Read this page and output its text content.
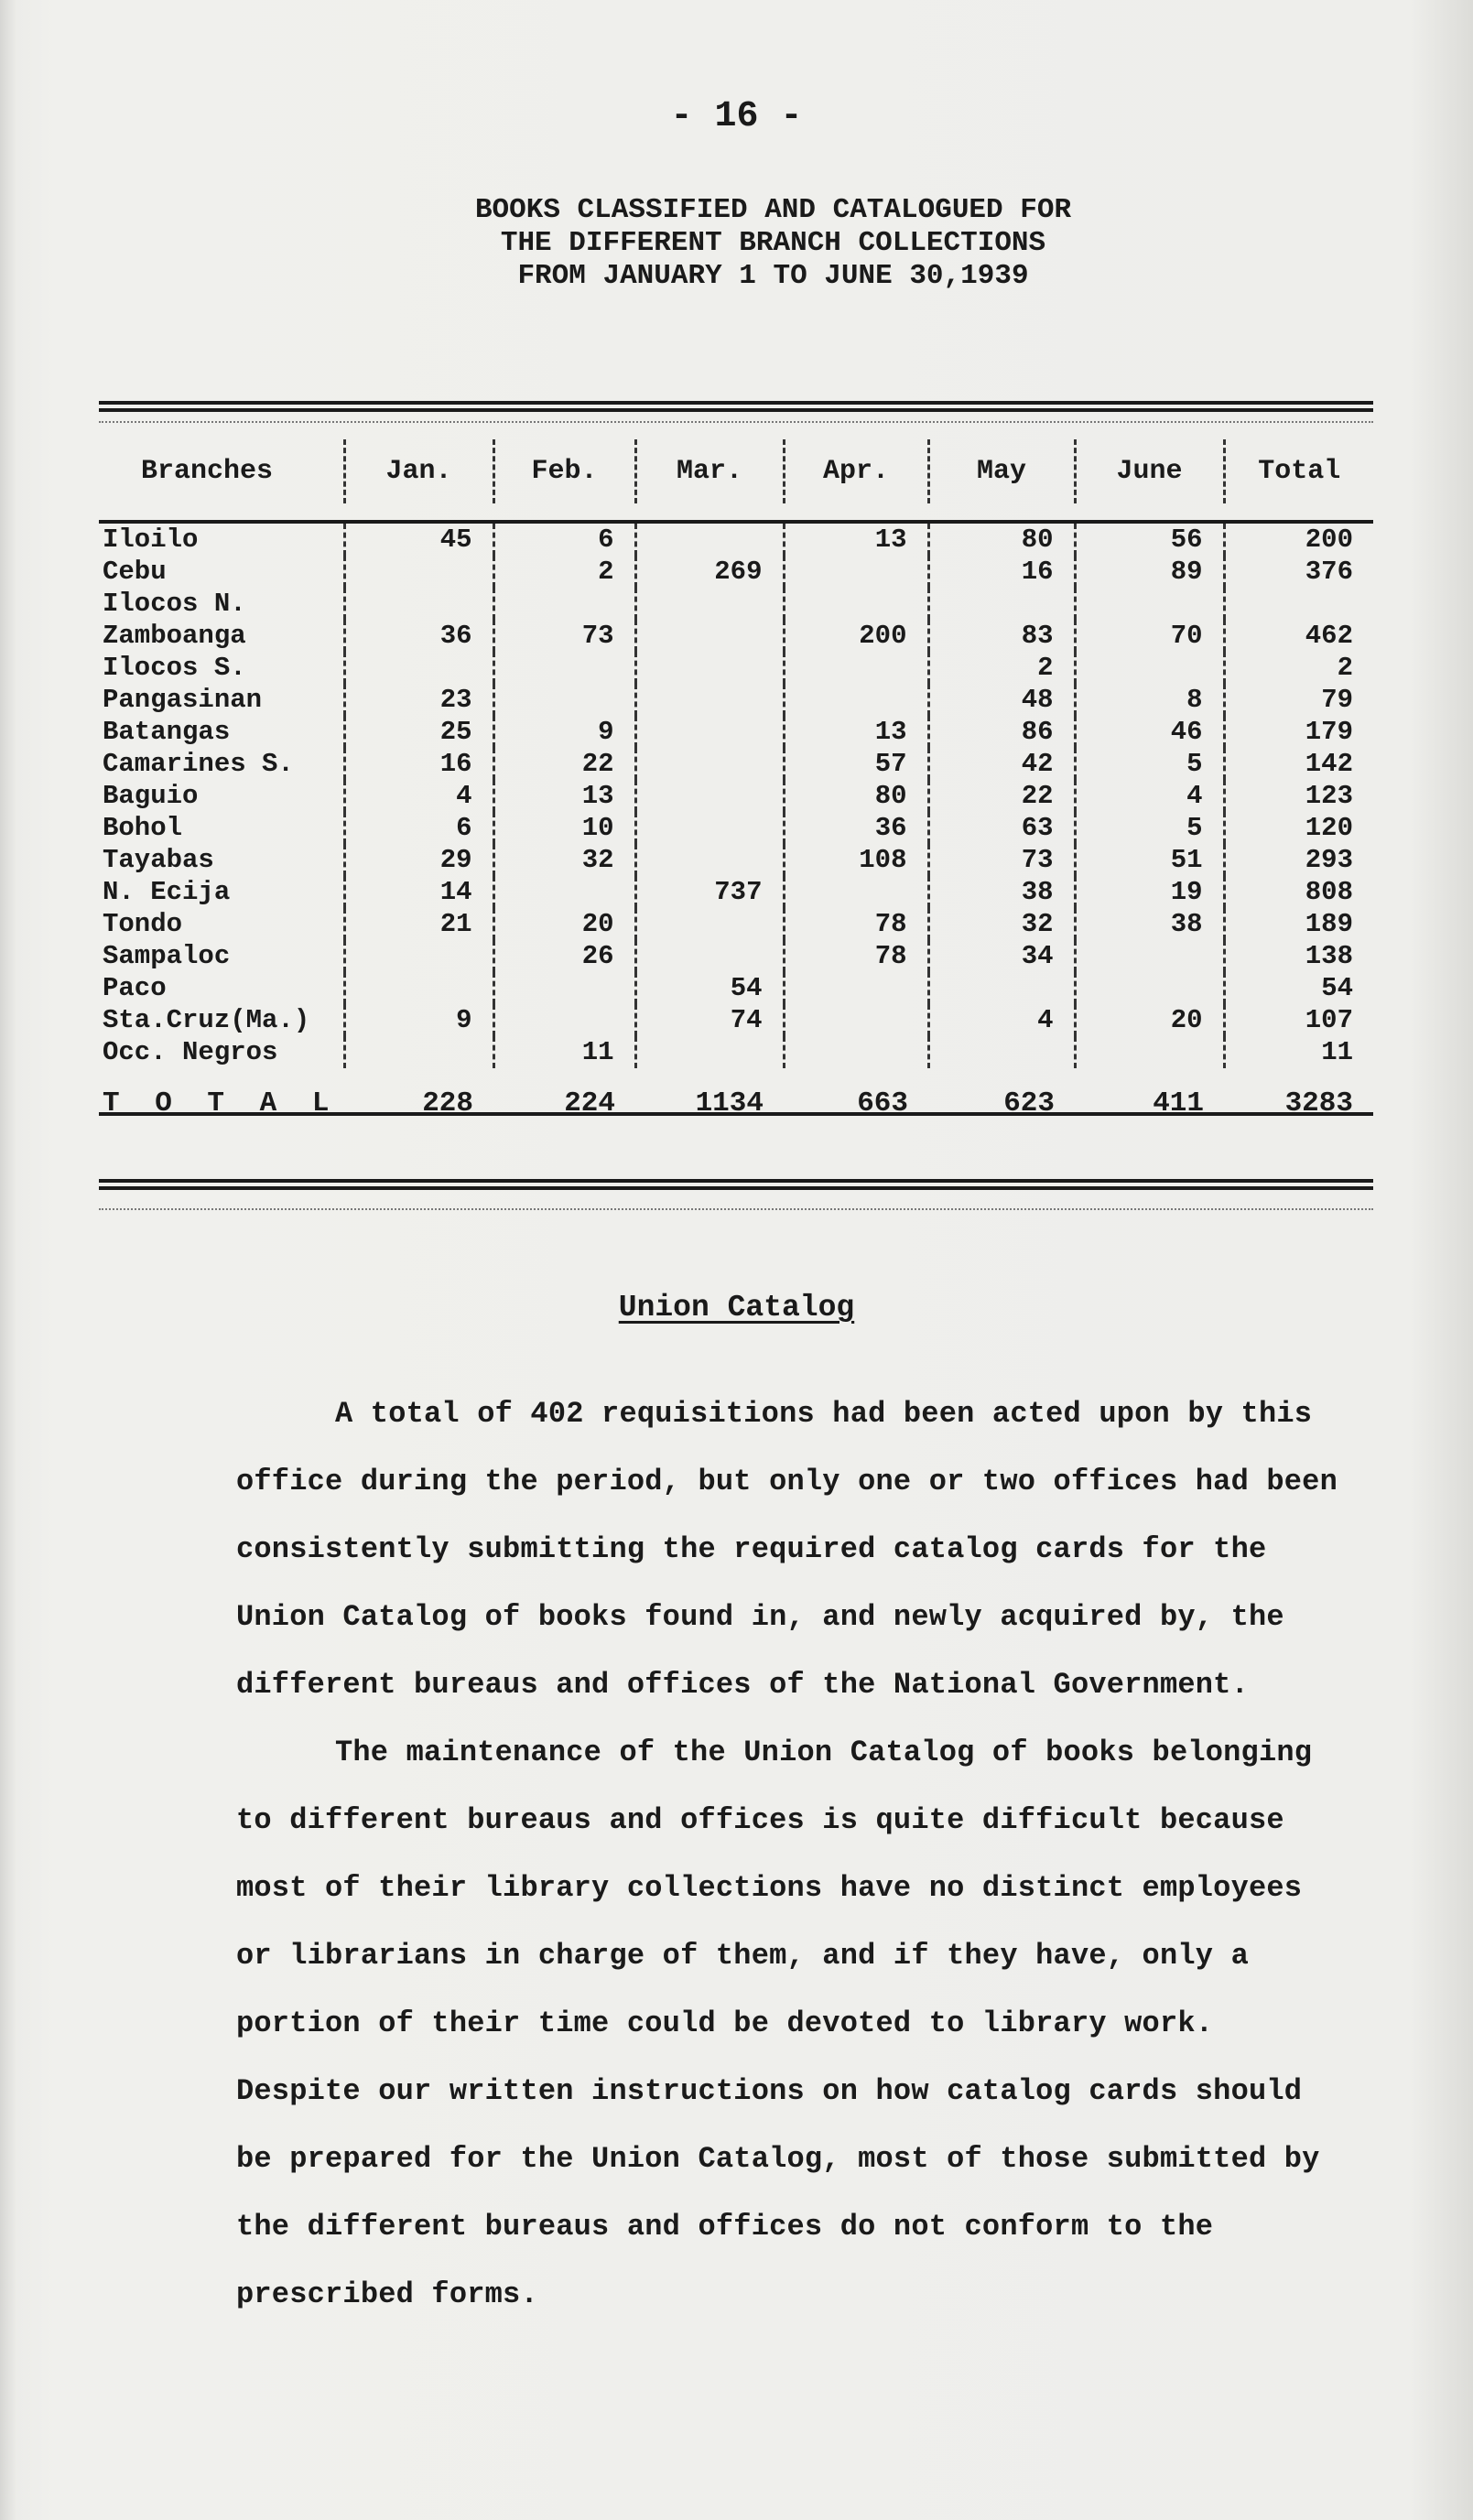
- 16 -
BOOKS CLASSIFIED AND CATALOGUED FOR
THE DIFFERENT BRANCH COLLECTIONS
FROM JANUARY 1 TO JUNE 30,1939
Branches	Jan.	Feb.	Mar.	Apr.	May	June	Total

Iloilo	45	6		13	80	56	200
Cebu		2	269		16	89	376
Ilocos N.							
Zamboanga	36	73		200	83	70	462
Ilocos S.					2		2
Pangasinan	23				48	8	79
Batangas	25	9		13	86	46	179
Camarines S.	16	22		57	42	5	142
Baguio	4	13		80	22	4	123
Bohol	6	10		36	63	5	120
Tayabas	29	32		108	73	51	293
N. Ecija	14		737		38	19	808
Tondo	21	20		78	32	38	189
Sampaloc		26		78	34		138
Paco			54				54
Sta.Cruz(Ma.)	9		74		4	20	107
Occ. Negros		11					11

T O T A L	228	224	1134	663	623	411	3283
Union Catalog

A total of 402 requisitions had been acted upon by this office during the period, but only one or two offices had been consistently submitting the required catalog cards for the Union Catalog of books found in, and newly acquired by, the different bureaus and offices of the National Government.

The maintenance of the Union Catalog of books belonging to different bureaus and offices is quite difficult because most of their library collections have no distinct employees or librarians in charge of them, and if they have, only a portion of their time could be devoted to library work. Despite our written instructions on how catalog cards should be prepared for the Union Catalog, most of those submitted by the different bureaus and offices do not conform to the prescribed forms.
